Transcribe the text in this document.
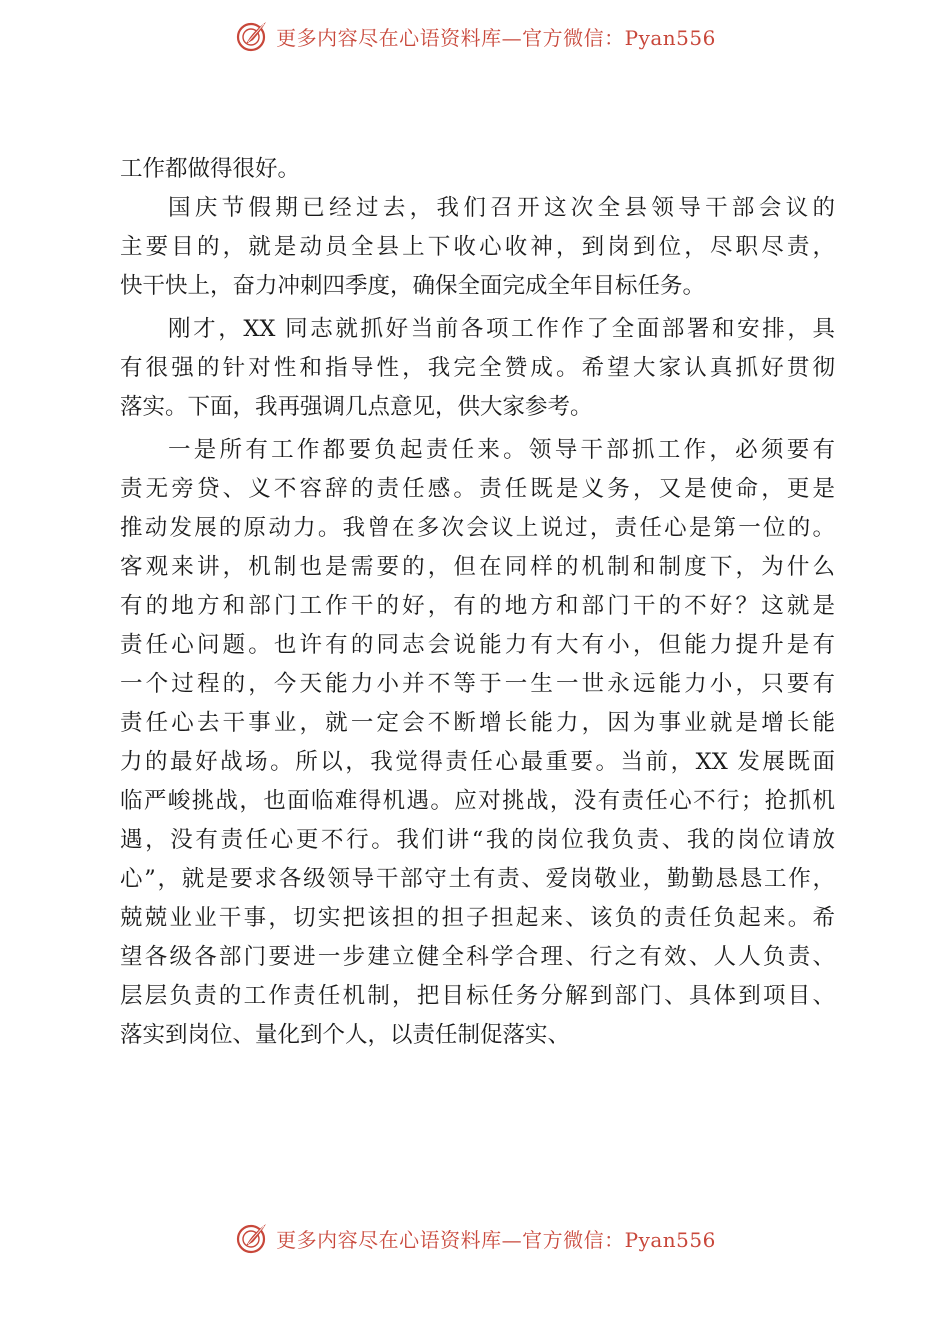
更多内容尽在心语资料库—官方微信：Pyan556
工作都做得很好。
国庆节假期已经过去，我们召开这次全县领导干部会议的
主要目的，就是动员全县上下收心收神，到岗到位，尽职尽责，
快干快上，奋力冲刺四季度，确保全面完成全年目标任务。
刚才，XX 同志就抓好当前各项工作作了全面部署和安排，具
有很强的针对性和指导性，我完全赞成。希望大家认真抓好贯彻
落实。下面，我再强调几点意见，供大家参考。
一是所有工作都要负起责任来。领导干部抓工作，必须要有
责无旁贷、义不容辞的责任感。责任既是义务，又是使命，更是
推动发展的原动力。我曾在多次会议上说过，责任心是第一位的。
客观来讲，机制也是需要的，但在同样的机制和制度下，为什么
有的地方和部门工作干的好，有的地方和部门干的不好？这就是
责任心问题。也许有的同志会说能力有大有小，但能力提升是有
一个过程的，今天能力小并不等于一生一世永远能力小，只要有
责任心去干事业，就一定会不断增长能力，因为事业就是增长能
力的最好战场。所以，我觉得责任心最重要。当前，XX 发展既面
临严峻挑战，也面临难得机遇。应对挑战，没有责任心不行；抢抓机
遇，没有责任心更不行。我们讲“我的岗位我负责、我的岗位请放
心”，就是要求各级领导干部守土有责、爱岗敬业，勤勤恳恳工作，
兢兢业业干事，切实把该担的担子担起来、该负的责任负起来。希
望各级各部门要进一步建立健全科学合理、行之有效、人人负责、
层层负责的工作责任机制，把目标任务分解到部门、具体到项目、
落实到岗位、量化到个人，以责任制促落实、
更多内容尽在心语资料库—官方微信：Pyan556
